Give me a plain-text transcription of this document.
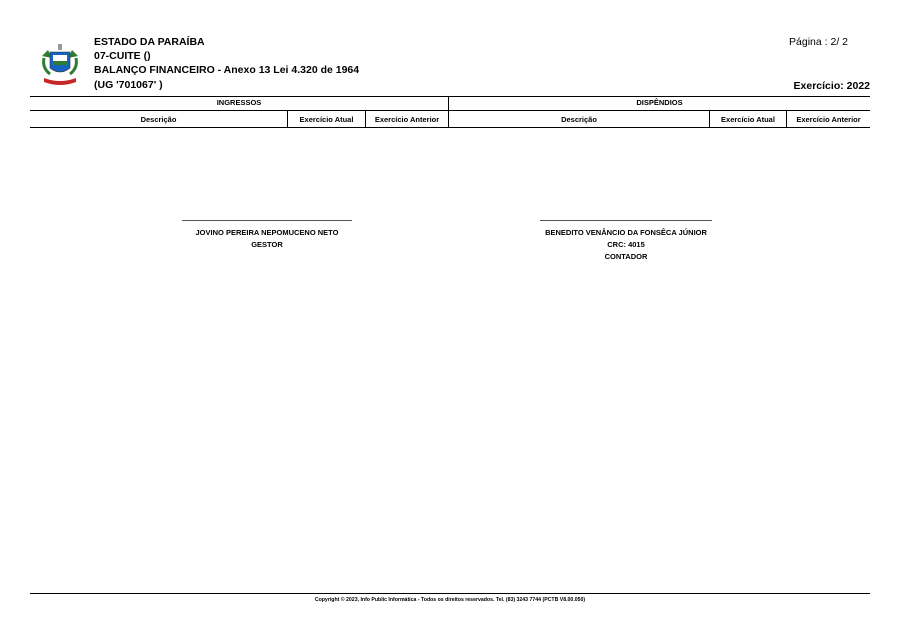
ESTADO DA PARAÍBA
07-CUITE ()
BALANÇO FINANCEIRO - Anexo 13 Lei 4.320 de 1964
(UG '701067' )
Página : 2/ 2
Exercício: 2022
INGRESSOS	DISPÊNDIOS
Descrição	Exercício Atual	Exercício Anterior	Descrição	Exercício Atual	Exercício Anterior
JOVINO PEREIRA NEPOMUCENO NETO
GESTOR
BENEDITO VENÂNCIO DA FONSÊCA JÚNIOR
CRC: 4015
CONTADOR
Copyright © 2023, Info Public Informática - Todos os direitos reservados. Tel. (83) 3243 7744 (PCTB V8.00.050)
